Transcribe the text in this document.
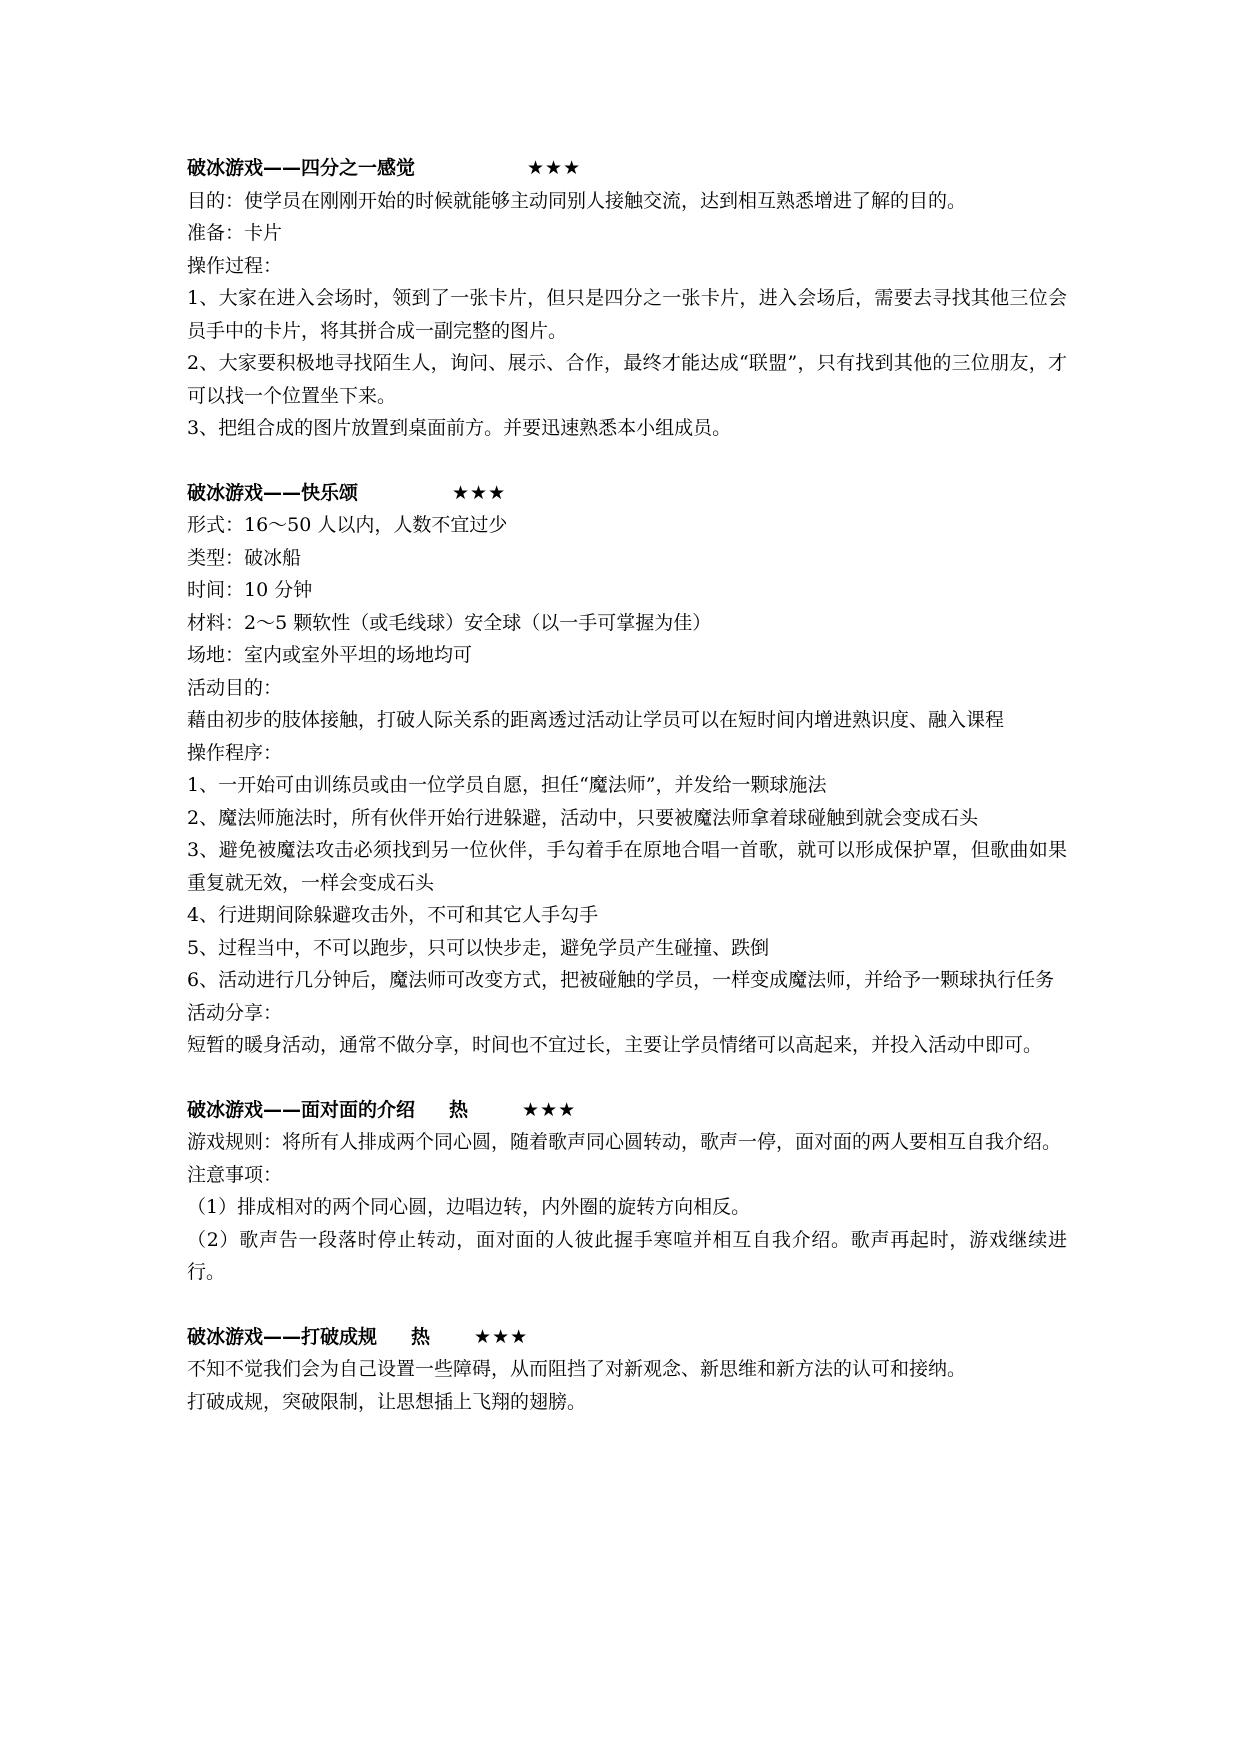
破冰游戏——四分之一感觉	★★★

目的：使学员在刚刚开始的时候就能够主动同别人接触交流，达到相互熟悉增进了解的目的。

准备：卡片

操作过程：

1、大家在进入会场时，领到了一张卡片，但只是四分之一张卡片，进入会场后，需要去寻找其他三位会员手中的卡片，将其拼合成一副完整的图片。

2、大家要积极地寻找陌生人，询问、展示、合作，最终才能达成“联盟”，只有找到其他的三位朋友，才可以找一个位置坐下来。

3、把组合成的图片放置到桌面前方。并要迅速熟悉本小组成员。

破冰游戏——快乐颂	★★★

形式：16～50 人以内，人数不宜过少

类型：破冰船

时间：10 分钟

材料：2～5 颗软性（或毛线球）安全球（以一手可掌握为佳）

场地：室内或室外平坦的场地均可

活动目的：

藉由初步的肢体接触，打破人际关系的距离透过活动让学员可以在短时间内增进熟识度、融入课程

操作程序：

1、一开始可由训练员或由一位学员自愿，担任“魔法师”，并发给一颗球施法

2、魔法师施法时，所有伙伴开始行进躲避，活动中，只要被魔法师拿着球碰触到就会变成石头

3、避免被魔法攻击必须找到另一位伙伴，手勾着手在原地合唱一首歌，就可以形成保护罩，但歌曲如果重复就无效，一样会变成石头

4、行进期间除躲避攻击外，不可和其它人手勾手

5、过程当中，不可以跑步，只可以快步走，避免学员产生碰撞、跌倒

6、活动进行几分钟后，魔法师可改变方式，把被碰触的学员，一样变成魔法师，并给予一颗球执行任务

活动分享：

短暂的暖身活动，通常不做分享，时间也不宜过长，主要让学员情绪可以高起来，并投入活动中即可。

破冰游戏——面对面的介绍 热	★★★

游戏规则：将所有人排成两个同心圆，随着歌声同心圆转动，歌声一停，面对面的两人要相互自我介绍。

注意事项：

（1）排成相对的两个同心圆，边唱边转，内外圈的旋转方向相反。

（2）歌声告一段落时停止转动，面对面的人彼此握手寒喧并相互自我介绍。歌声再起时，游戏继续进行。

破冰游戏——打破成规 热 ★★★

不知不觉我们会为自己设置一些障碍，从而阻挡了对新观念、新思维和新方法的认可和接纳。

打破成规，突破限制，让思想插上飞翔的翅膀。
